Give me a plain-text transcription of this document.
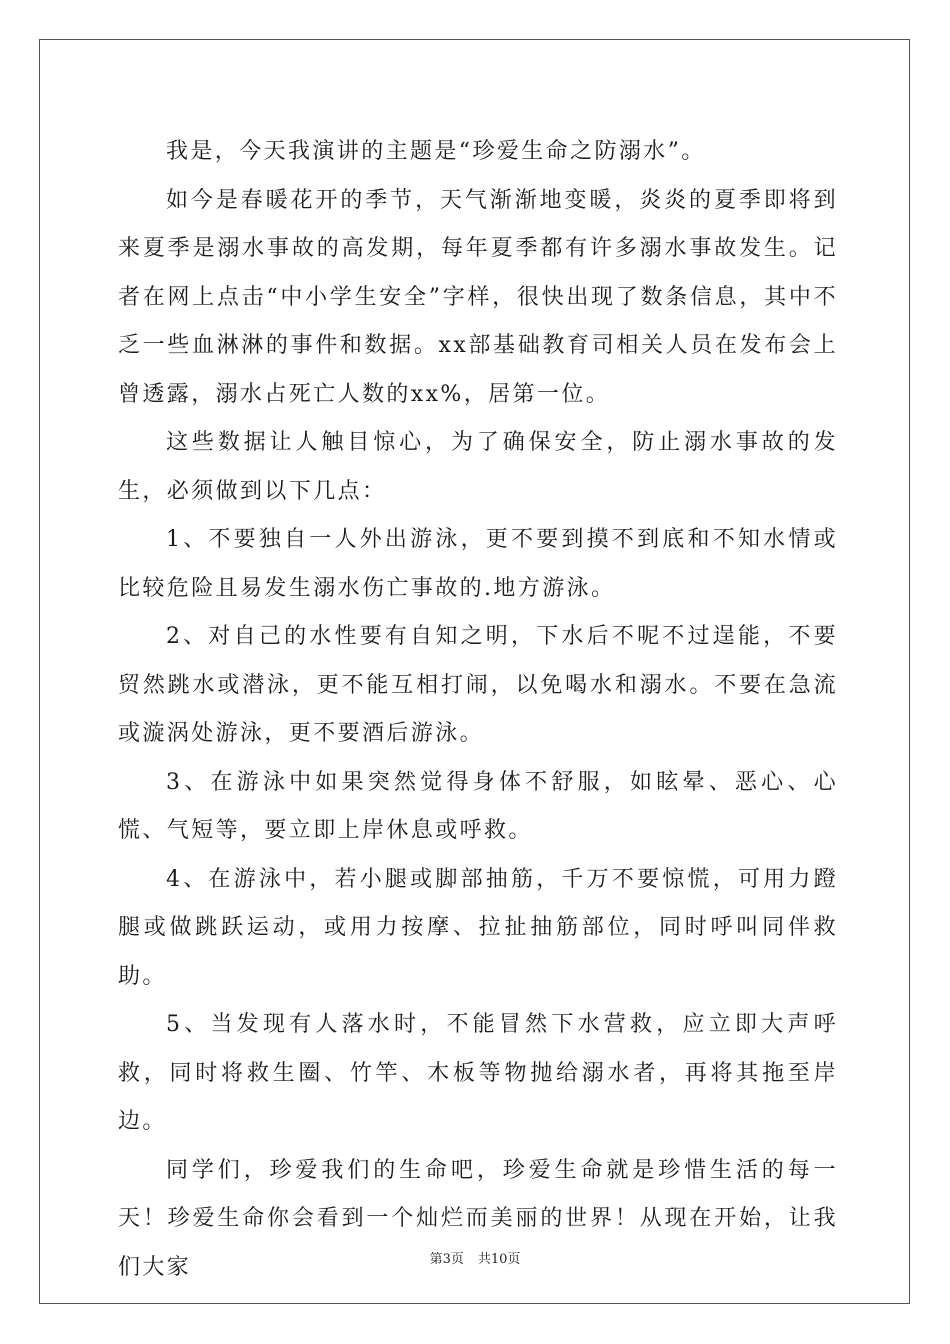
我是，今天我演讲的主题是“珍爱生命之防溺水”。

如今是春暖花开的季节，天气渐渐地变暖，炎炎的夏季即将到来夏季是溺水事故的高发期，每年夏季都有许多溺水事故发生。记者在网上点击“中小学生安全”字样，很快出现了数条信息，其中不乏一些血淋淋的事件和数据。xx部基础教育司相关人员在发布会上曾透露，溺水占死亡人数的xx%，居第一位。

这些数据让人触目惊心，为了确保安全，防止溺水事故的发生，必须做到以下几点：

1、不要独自一人外出游泳，更不要到摸不到底和不知水情或比较危险且易发生溺水伤亡事故的.地方游泳。

2、对自己的水性要有自知之明，下水后不呢不过逞能，不要贸然跳水或潜泳，更不能互相打闹，以免喝水和溺水。不要在急流或漩涡处游泳，更不要酒后游泳。

3、在游泳中如果突然觉得身体不舒服，如眩晕、恶心、心慌、气短等，要立即上岸休息或呼救。

4、在游泳中，若小腿或脚部抽筋，千万不要惊慌，可用力蹬腿或做跳跃运动，或用力按摩、拉扯抽筋部位，同时呼叫同伴救助。

5、当发现有人落水时，不能冒然下水营救，应立即大声呼救，同时将救生圈、竹竿、木板等物抛给溺水者，再将其拖至岸边。

同学们，珍爱我们的生命吧，珍爱生命就是珍惜生活的每一天！珍爱生命你会看到一个灿烂而美丽的世界！从现在开始，让我们大家	第3页 共10页
